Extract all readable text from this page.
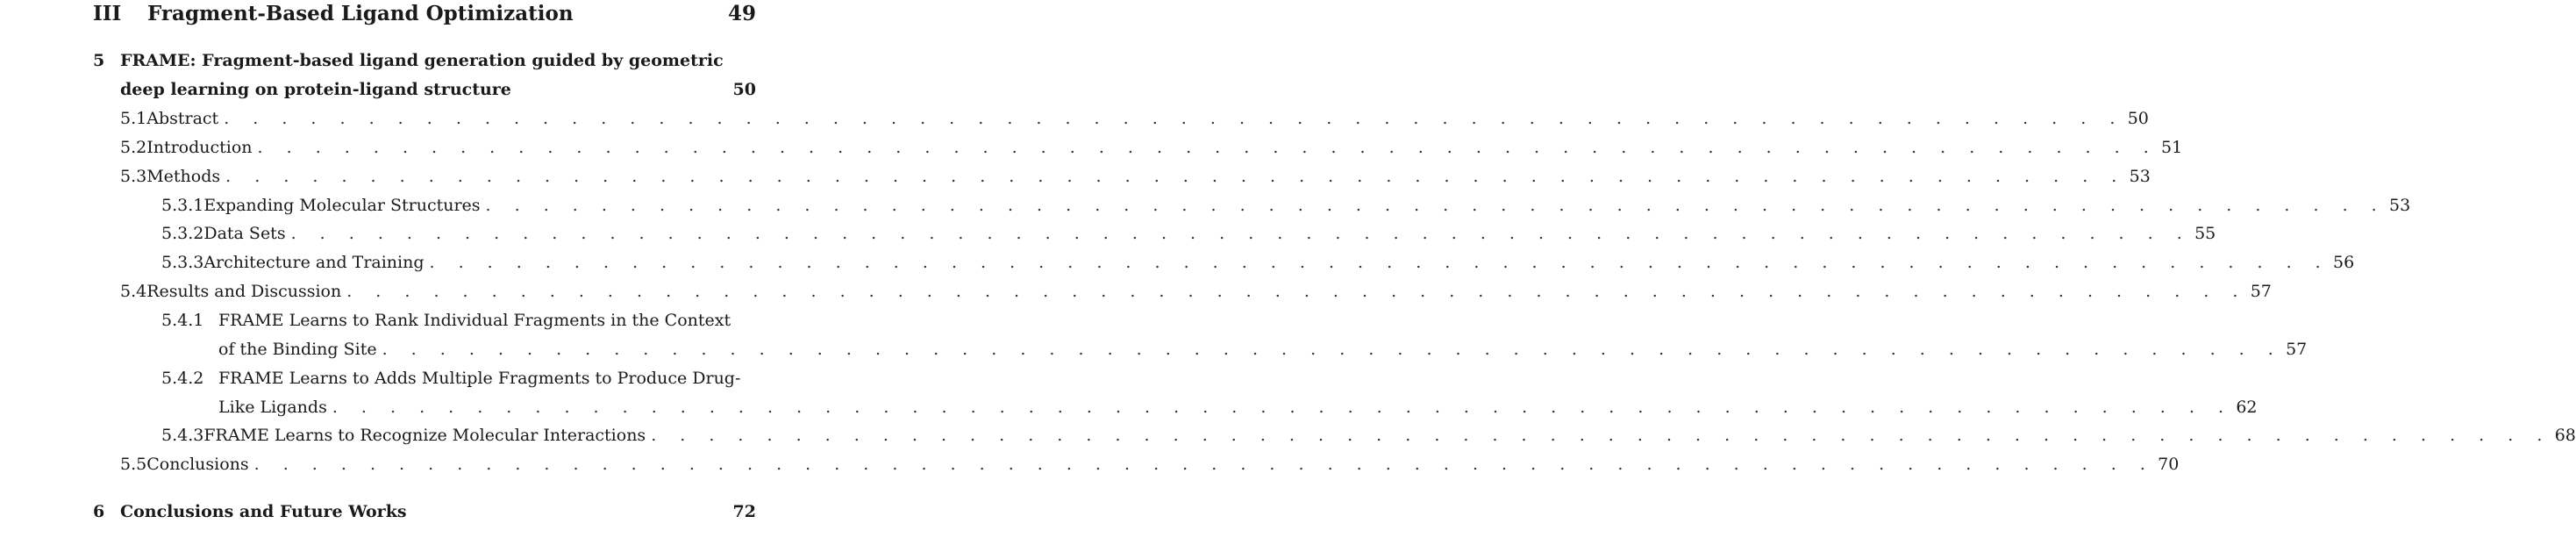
III	Fragment-Based Ligand Optimization	49
5 FRAME: Fragment-based ligand generation guided by geometric
deep learning on protein-ligand structure	50
5.1 Abstract . . . . . . . . . . . . . . . . . . . . . . . . . . . . . . . . . . . . . . . . . . . . . . . . . . . . . . . . . . . . . . . . . . 50
5.2 Introduction . . . . . . . . . . . . . . . . . . . . . . . . . . . . . . . . . . . . . . . . . . . . . . . . . . . . . . . . . . . . . . . . . . 51
5.3 Methods . . . . . . . . . . . . . . . . . . . . . . . . . . . . . . . . . . . . . . . . . . . . . . . . . . . . . . . . . . . . . . . . . . 53
5.3.1 Expanding Molecular Structures . . . . . . . . . . . . . . . . . . . . . . . . . . . . . . . . . . . . . . . . . . . . . . . . . . . . . . . . . . . . . . . . . . 53
5.3.2 Data Sets . . . . . . . . . . . . . . . . . . . . . . . . . . . . . . . . . . . . . . . . . . . . . . . . . . . . . . . . . . . . . . . . . . 55
5.3.3 Architecture and Training . . . . . . . . . . . . . . . . . . . . . . . . . . . . . . . . . . . . . . . . . . . . . . . . . . . . . . . . . . . . . . . . . . 56
5.4 Results and Discussion . . . . . . . . . . . . . . . . . . . . . . . . . . . . . . . . . . . . . . . . . . . . . . . . . . . . . . . . . . . . . . . . . . 57
5.4.1 FRAME Learns to Rank Individual Fragments in the Context
of the Binding Site . . . . . . . . . . . . . . . . . . . . . . . . . . . . . . . . . . . . . . . . . . . . . . . . . . . . . . . . . . . . . . . . . . 57
5.4.2 FRAME Learns to Adds Multiple Fragments to Produce Drug-
Like Ligands . . . . . . . . . . . . . . . . . . . . . . . . . . . . . . . . . . . . . . . . . . . . . . . . . . . . . . . . . . . . . . . . . . 62
5.4.3 FRAME Learns to Recognize Molecular Interactions . . . . . . . . . . . . . . . . . . . . . . . . . . . . . . . . . . . . . . . . . . . . . . . . . . . . . . . . . . . . . . . . . . 68
5.5 Conclusions . . . . . . . . . . . . . . . . . . . . . . . . . . . . . . . . . . . . . . . . . . . . . . . . . . . . . . . . . . . . . . . . . . 70
6 Conclusions and Future Works	72
